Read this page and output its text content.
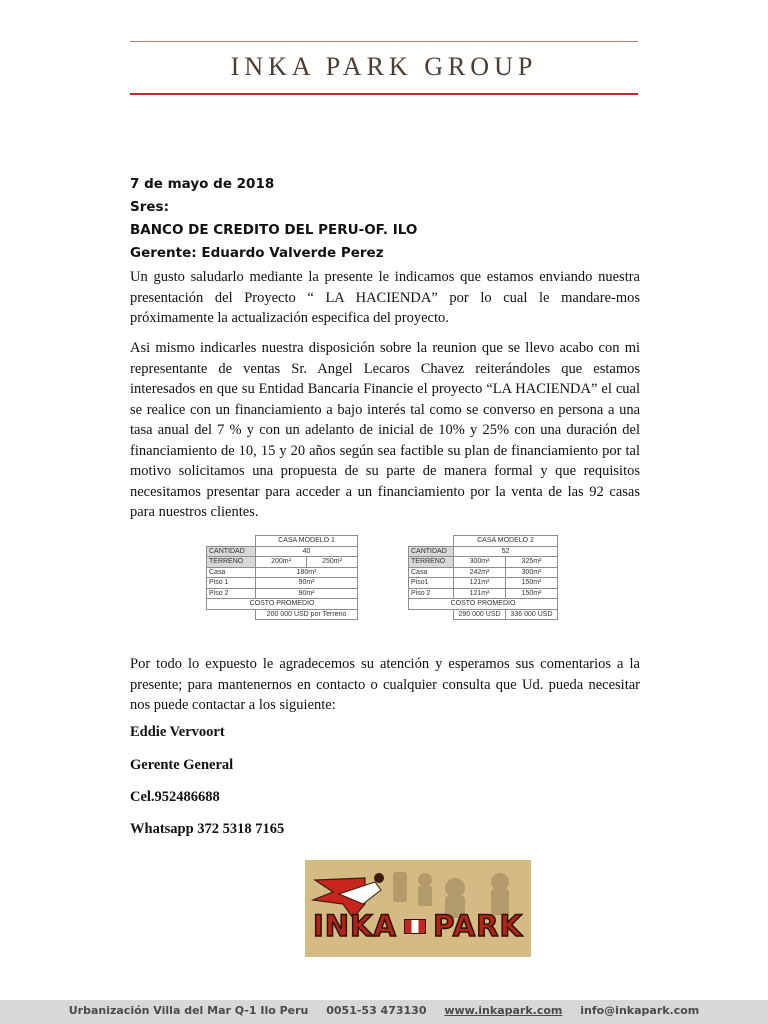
INKA PARK GROUP
7 de mayo de 2018
Sres:
BANCO DE CREDITO DEL PERU-OF. ILO
Gerente: Eduardo Valverde Perez
Un gusto saludarlo mediante la presente le indicamos que estamos enviando nuestra presentación del Proyecto “ LA HACIENDA” por lo cual le mandare-mos próximamente la actualización especifica del proyecto.
Asi mismo indicarles nuestra disposición sobre la reunion que se llevo acabo con mi representante de ventas Sr. Angel Lecaros Chavez reiterándoles que estamos interesados en que su Entidad Bancaria Financie el proyecto “LA HACIENDA” el cual se realice con un financiamiento a bajo interés tal como se converso en persona a una tasa anual del 7 % y con un adelanto de inicial de 10% y 25% con una duración del financiamiento de 10, 15 y 20 años según sea factible su plan de financiamiento por tal motivo solicitamos una propuesta de su parte de manera formal y que requisitos necesitamos presentar para acceder a un financiamiento por la venta de las 92 casas para nuestros clientes.
	CASA MODELO 1	
CANTIDAD	40	
TERRENO	200m²	250m²
Casa	180m²	
Piso 1	90m²	
Piso 2	90m²	
COSTO PROMEDIO		
	200 000 USD por Terreno	
	CASA MODELO 2	
CANTIDAD	52	
TERRENO	300m²	325m²
Casa	242m²	300m²
Piso1	121m²	150m²
Piso 2	121m²	150m²
COSTO PROMEDIO		
	290 000 USD	336 000 USD
Por todo lo expuesto le agradecemos su atención y esperamos sus comentarios a la presente; para mantenernos en contacto o cualquier consulta que Ud. pueda necesitar nos puede contactar a los siguiente:
Eddie Vervoort
Gerente General
Cel.952486688
Whatsapp 372 5318 7165
INKA PARK
Urbanización Villa del Mar Q-1 Ilo Peru 0051-53 473130 www.inkapark.com info@inkapark.com
